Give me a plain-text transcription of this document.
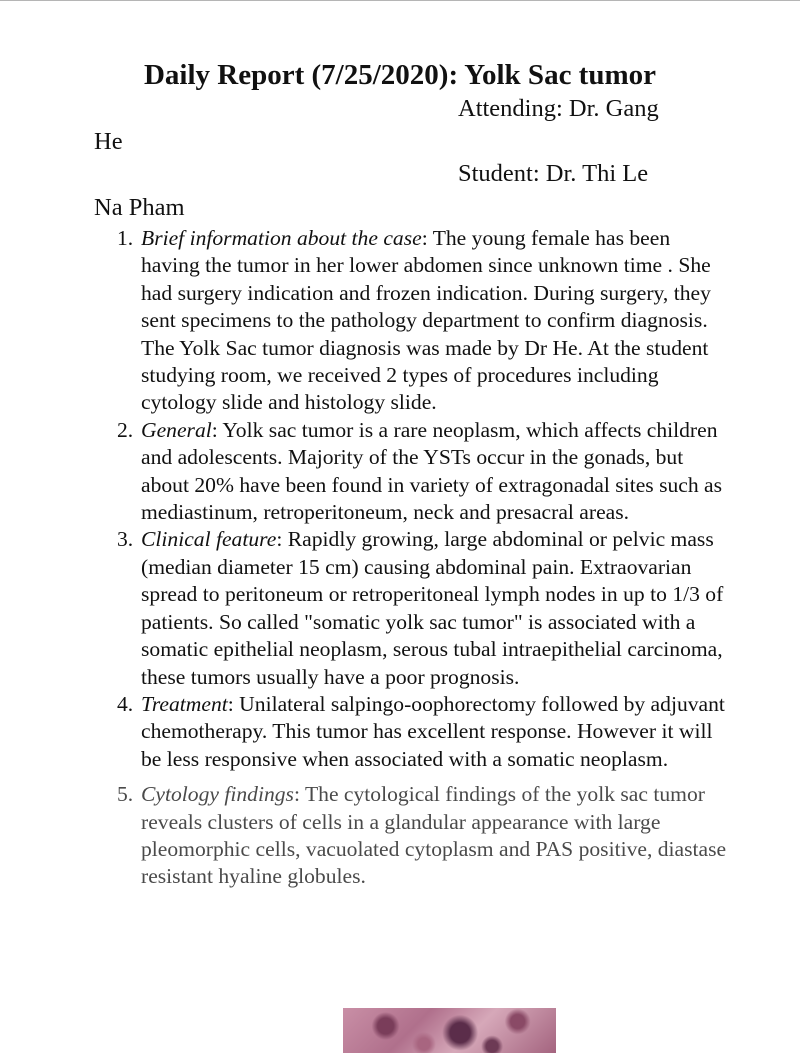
Daily Report (7/25/2020): Yolk Sac tumor

Attending: Dr. Gang

He

Student: Dr. Thi Le

Na Pham

1. Brief information about the case: The young female has been having the tumor in her lower abdomen since unknown time . She had surgery indication and frozen indication. During surgery, they sent specimens to the pathology department to confirm diagnosis. The Yolk Sac tumor diagnosis was made by Dr He. At the student studying room, we received 2 types of procedures including cytology slide and histology slide.
2. General: Yolk sac tumor is a rare neoplasm, which affects children and adolescents. Majority of the YSTs occur in the gonads, but about 20% have been found in variety of extragonadal sites such as mediastinum, retroperitoneum, neck and presacral areas.
3. Clinical feature: Rapidly growing, large abdominal or pelvic mass (median diameter 15 cm) causing abdominal pain. Extraovarian spread to peritoneum or retroperitoneal lymph nodes in up to 1/3 of patients. So called "somatic yolk sac tumor" is associated with a somatic epithelial neoplasm, serous tubal intraepithelial carcinoma, these tumors usually have a poor prognosis.
4. Treatment: Unilateral salpingo-oophorectomy followed by adjuvant chemotherapy. This tumor has excellent response. However it will be less responsive when associated with a somatic neoplasm.
5. Cytology findings: The cytological findings of the yolk sac tumor reveals clusters of cells in a glandular appearance with large pleomorphic cells, vacuolated cytoplasm and PAS positive, diastase resistant hyaline globules.
